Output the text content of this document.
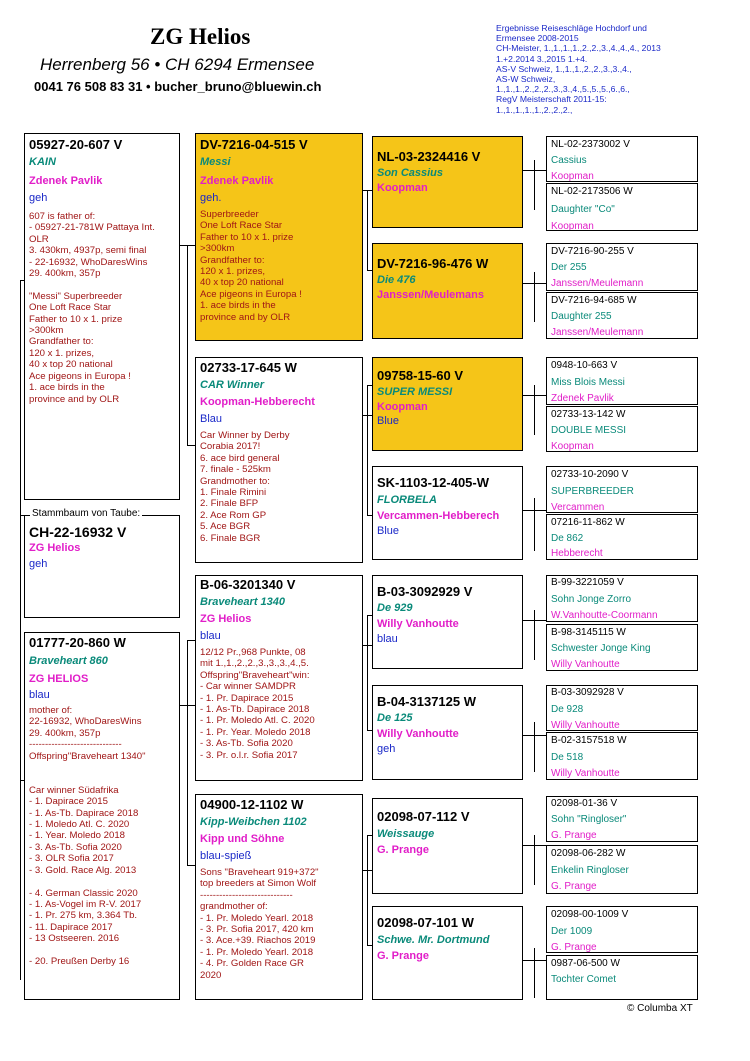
ZG Helios
Herrenberg 56 • CH 6294 Ermensee
0041 76 508 83 31 • bucher_bruno@bluewin.ch
Ergebnisse Reiseschläge Hochdorf und
Ermensee 2008-2015
CH-Meister, 1.,1.,1.,1.,2.,2.,3.,4.,4.,4., 2013
1.+2.2014 3.,2015 1.+4.
AS-V Schweiz, 1.,1.,1.,2.,2.,3.,3.,4.,
AS-W Schweiz,
1.,1.,1.,2.,2.,2.,3.,3.,4.,5.,5.,5.,6.,6.,
RegV Meisterschaft 2011-15:
1.,1.,1.,1.,1.,2.,2.,2.,
05927-20-607 V
KAIN
Zdenek Pavlik
geh
607 is father of:
- 05927-21-781W Pattaya Int. OLR
3. 430km, 4937p, semi final
- 22-16932, WhoDaresWins
29. 400km, 357p

"Messi" Superbreeder
One Loft Race Star
Father to 10 x 1. prize
>300km
Grandfather to:
120 x 1. prizes,
40 x top 20 national
Ace pigeons in Europa !
1. ace birds in the
province and by OLR
Stammbaum von Taube:
CH-22-16932 V
ZG Helios
geh
01777-20-860 W
Braveheart 860
ZG HELIOS
blau
mother of:
22-16932, WhoDaresWins
29. 400km, 357p
-----------------------------
Offspring"Braveheart 1340"

Car winner Südafrika
- 1. Dapirace 2015
- 1. As-Tb. Dapirace 2018
- 1. Moledo Atl. C. 2020
- 1. Year. Moledo 2018
- 3. As-Tb. Sofia 2020
- 3. OLR Sofia 2017
- 3. Gold. Race Alg. 2013

- 4. German Classic 2020
- 1. As-Vogel im R-V. 2017
- 1. Pr. 275 km, 3.364 Tb.
- 11. Dapirace 2017
- 13 Ostseeren. 2016

- 20. Preußen Derby 16
DV-7216-04-515 V
Messi
Zdenek Pavlik
geh.
Superbreeder
One Loft Race Star
Father to 10 x 1. prize
>300km
Grandfather to:
120 x 1. prizes,
40 x top 20 national
Ace pigeons in Europa !
1. ace birds in the
province and by OLR
02733-17-645 W
CAR Winner
Koopman-Hebberecht
Blau
Car Winner by Derby
Corabia 2017!
6. ace bird general
7. finale - 525km
Grandmother to:
1. Finale Rimini
2. Finale BFP
2. Ace Rom GP
5. Ace BGR
6. Finale BGR
B-06-3201340 V
Braveheart 1340
ZG Helios
blau
12/12 Pr.,968 Punkte, 08
mit 1.,1.,2.,2.,3.,3.,3.,4.,5.
Offspring"Braveheart"win:
- Car winner SAMDPR
- 1. Pr. Dapirace 2015
- 1. As-Tb. Dapirace 2018
- 1. Pr. Moledo Atl. C. 2020
- 1. Pr. Year. Moledo 2018
- 3. As-Tb. Sofia 2020
- 3. Pr. o.l.r. Sofia 2017
04900-12-1102 W
Kipp-Weibchen 1102
Kipp und Söhne
blau-spieß
Sons "Braveheart 919+372"
top breeders at Simon Wolf
-----------------------------
grandmother of:
- 1. Pr. Moledo Yearl. 2018
- 3. Pr. Sofia 2017, 420 km
- 3. Ace.+39. Riachos 2019
- 1. Pr. Moledo Yearl. 2018
- 4. Pr. Golden Race GR
2020
NL-03-2324416 V
Son Cassius
Koopman
DV-7216-96-476 W
Die 476
Janssen/Meulemans
09758-15-60 V
SUPER MESSI
Koopman
Blue
SK-1103-12-405-W
FLORBELA
Vercammen-Hebberech
Blue
B-03-3092929 V
De 929
Willy Vanhoutte
blau
B-04-3137125 W
De 125
Willy Vanhoutte
geh
02098-07-112 V
Weissauge
G. Prange
02098-07-101 W
Schwe. Mr. Dortmund
G. Prange
NL-02-2373002 V
Cassius
Koopman
NL-02-2173506 W
Daughter "Co"
Koopman
DV-7216-90-255 V
Der 255
Janssen/Meulemann
DV-7216-94-685 W
Daughter 255
Janssen/Meulemann
0948-10-663 V
Miss Blois Messi
Zdenek Pavlik
02733-13-142 W
DOUBLE MESSI
Koopman
02733-10-2090 V
SUPERBREEDER
Vercammen
07216-11-862 W
De 862
Hebberecht
B-99-3221059 V
Sohn Jonge Zorro
W.Vanhoutte-Coormann
B-98-3145115 W
Schwester Jonge King
Willy Vanhoutte
B-03-3092928 V
De 928
Willy Vanhoutte
B-02-3157518 W
De 518
Willy Vanhoutte
02098-01-36 V
Sohn "Ringloser"
G. Prange
02098-06-282 W
Enkelin Ringloser
G. Prange
02098-00-1009 V
Der 1009
G. Prange
0987-06-500 W
Tochter Comet
© Columba XT
